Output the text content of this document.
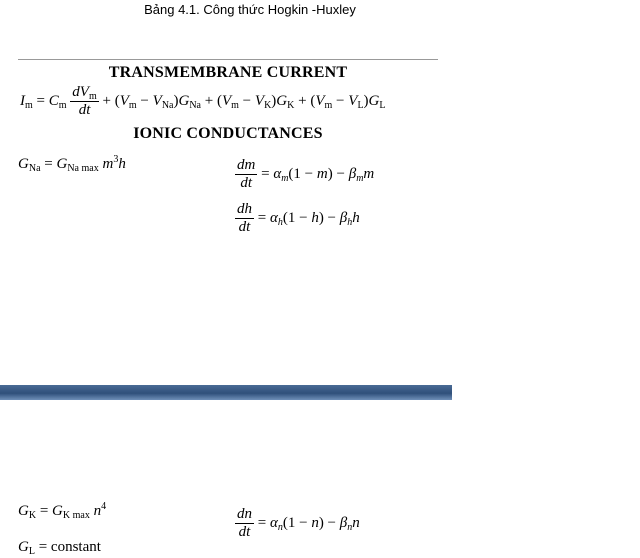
Bảng 4.1. Công thức Hogkin -Huxley
TRANSMEMBRANE CURRENT
$I_m = C_m \frac{dV_m}{dt} + (V_m - V_{Na})G_{Na} + (V_m - V_K)G_K + (V_m - V_L)G_L$
IONIC CONDUCTANCES
$G_{Na} = G_{Na max}$ $m^3h$	$\frac{dm}{dt} = \alpha_m(1 - m) - \beta_mm$
$\frac{dh}{dt} = \alpha_h(1 - h) - \beta_hh$
$G_K = G_{K max}$ $n^4$	$\frac{dn}{dt} = \alpha_n(1 - n) - \beta_nn$
$G_L$ = constant
